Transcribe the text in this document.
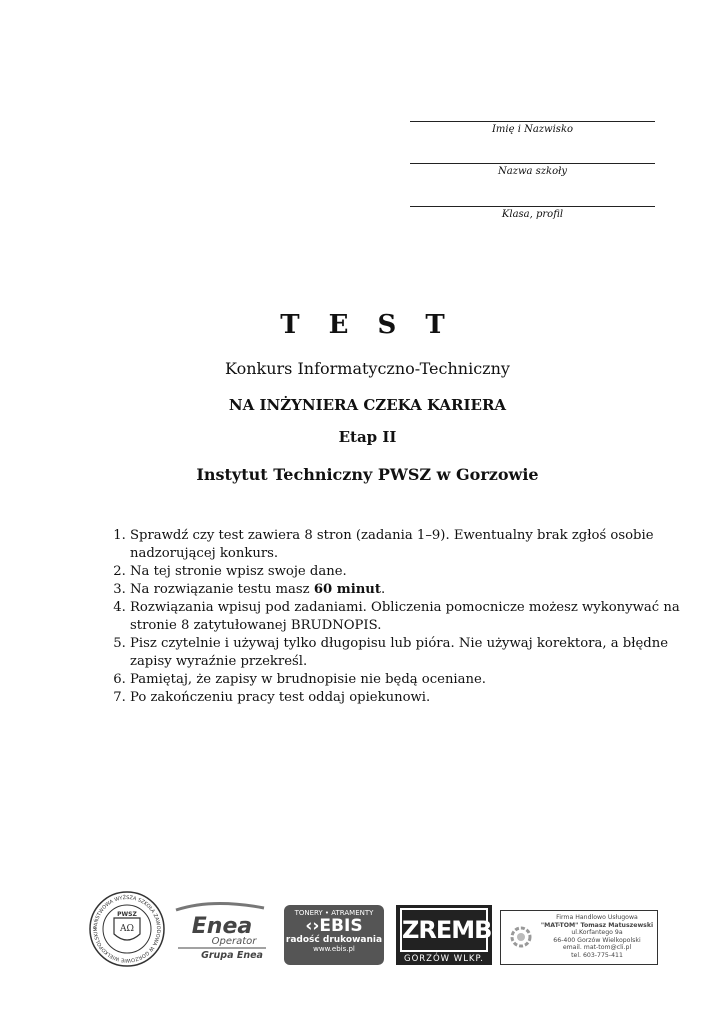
Imię i Nazwisko
Nazwa szkoły
Klasa, profil
T E S T
Konkurs Informatyczno-Techniczny
NA INŻYNIERA CZEKA KARIERA
Etap II
Instytut Techniczny PWSZ w Gorzowie
1. Sprawdź czy test zawiera 8 stron (zadania 1–9). Ewentualny brak zgłoś osobie nadzorującej konkurs.
2. Na tej stronie wpisz swoje dane.
3. Na rozwiązanie testu masz 60 minut.
4. Rozwiązania wpisuj pod zadaniami. Obliczenia pomocnicze możesz wykonywać na stronie 8 zatytułowanej BRUDNOPIS.
5. Pisz czytelnie i używaj tylko długopisu lub pióra. Nie używaj korektora, a błędne zapisy wyraźnie przekreśl.
6. Pamiętaj, że zapisy w brudnopisie nie będą oceniane.
7. Po zakończeniu pracy test oddaj opiekunowi.
PAŃSTWOWA WYŻSZA SZKOŁA ZAWODOWA W GORZOWIE WIELKOPOLSKIM
PWSZ
AΩ	Enea
Operator
Grupa Enea
TONERY • ATRAMENTY
‹›EBIS
radość drukowania
www.ebis.pl
ZREMB
GORZÓW WLKP.
Firma Handlowo Usługowa
"MAT-TOM" Tomasz Matuszewski
ul.Korfantego 9a
66-400 Gorzów Wielkopolski
email. mat-tom@cli.pl
tel. 603-775-411
